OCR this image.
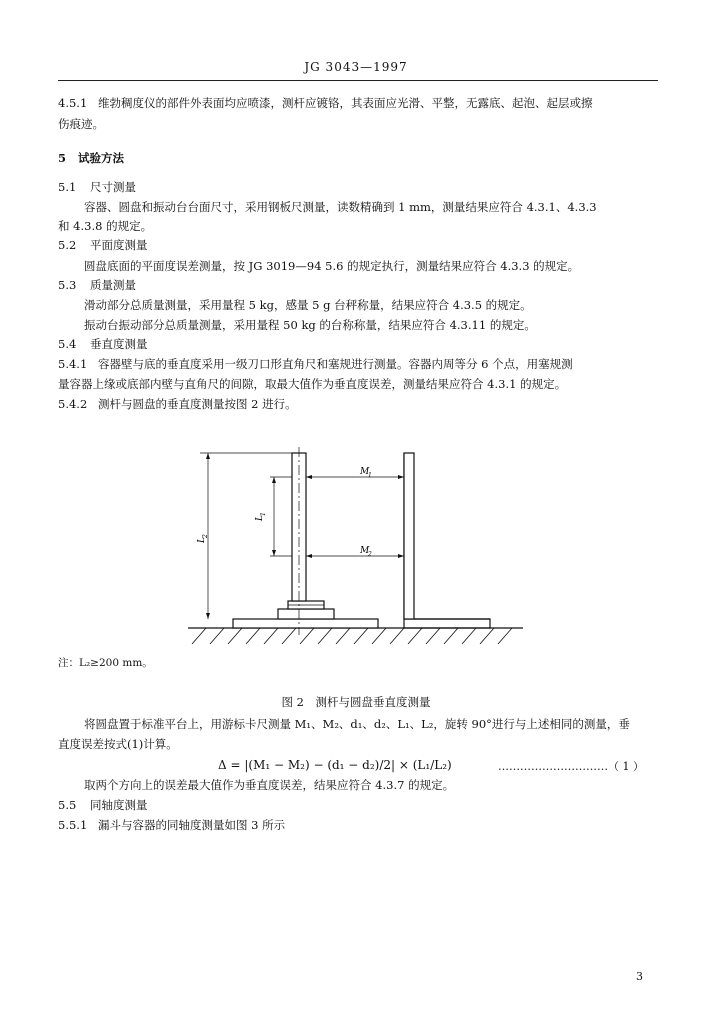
JG 3043—1997
4.5.1 维勃稠度仪的部件外表面均应喷漆，测杆应镀铬，其表面应光滑、平整，无露底、起泡、起层或擦
伤痕迹。
5 试验方法
5.1 尺寸测量
容器、圆盘和振动台台面尺寸，采用钢板尺测量，读数精确到 1 mm，测量结果应符合 4.3.1、4.3.3
和 4.3.8 的规定。
5.2 平面度测量
圆盘底面的平面度误差测量，按 JG 3019—94 5.6 的规定执行，测量结果应符合 4.3.3 的规定。
5.3 质量测量
滑动部分总质量测量，采用量程 5 kg，感量 5 g 台秤称量，结果应符合 4.3.5 的规定。
振动台振动部分总质量测量，采用量程 50 kg 的台称称量，结果应符合 4.3.11 的规定。
5.4 垂直度测量
5.4.1 容器壁与底的垂直度采用一级刀口形直角尺和塞规进行测量。容器内周等分 6 个点，用塞规测
量容器上缘或底部内壁与直角尺的间隙，取最大值作为垂直度误差，测量结果应符合 4.3.1 的规定。
5.4.2 测杆与圆盘的垂直度测量按图 2 进行。
M
1
M
2
L
1
L
2
注：L₂≥200 mm。
图 2　测杆与圆盘垂直度测量
将圆盘置于标准平台上，用游标卡尺测量 M₁、M₂、d₁、d₂、L₁、L₂，旋转 90°进行与上述相同的测量，垂
直度误差按式(1)计算。
Δ = |(M₁ − M₂) − (d₁ − d₂)/2| × (L₁/L₂)	…………………………（ 1 ）
取两个方向上的误差最大值作为垂直度误差，结果应符合 4.3.7 的规定。
5.5 同轴度测量
5.5.1 漏斗与容器的同轴度测量如图 3 所示
3
